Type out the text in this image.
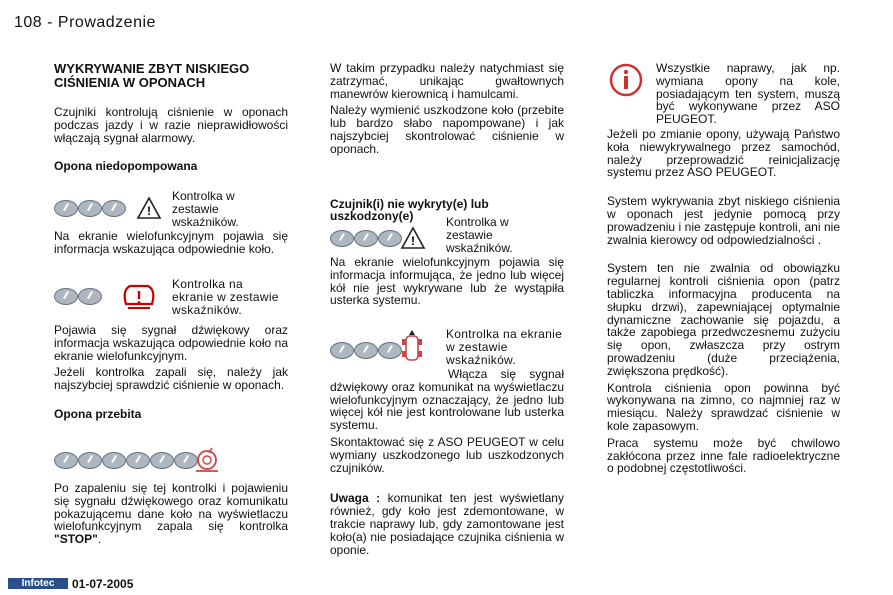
108 - Prowadzenie
WYKRYWANIE ZBYT NISKIEGO CIŚNIENIA W OPONACH

Czujniki kontrolują ciśnienie w oponach podczas jazdy i w razie nieprawidłowości włączają sygnał alarmowy.

Opona niedopompowana
!
Kontrolka w zestawie wskaźników.

Na ekranie wielofunkcyjnym pojawia się informacja wskazująca odpowiednie koło.

Kontrolka na ekranie w zestawie wskaźników.

Pojawia się sygnał dźwiękowy oraz informacja wskazująca odpowiednie koło na ekranie wielofunkcyjnym.

Jeżeli kontrolka zapali się, należy jak najszybciej sprawdzić ciśnienie w oponach.

Opona przebita

Po zapaleniu się tej kontrolki i pojawieniu się sygnału dźwiękowego oraz komunikatu pokazującemu dane koło na wyświetlaczu wielofunkcyjnym zapala się kontrolka "STOP".

W takim przypadku należy natychmiast się zatrzymać, unikając gwałtownych manewrów kierownicą i hamulcami.

Należy wymienić uszkodzone koło (przebite lub bardzo słabo napompowane) i jak najszybciej skontrolować ciśnienie w oponach.

Czujnik(i) nie wykryty(e) lub uszkodzony(e)
!
Kontrolka w zestawie wskaźników.

Na ekranie wielofunkcyjnym pojawia się informacja informująca, że jedno lub więcej kół nie jest wykrywane lub że wystąpiła usterka systemu.

Kontrolka na ekranie w zestawie wskaźników.

Włącza się sygnał dźwiękowy oraz komunikat na wyświetlaczu wielofunkcyjnym oznaczający, że jedno lub więcej kół nie jest kontrolowane lub usterka systemu.

Skontaktować się z ASO PEUGEOT w celu wymiany uszkodzonego lub uszkodzonych czujników.

Uwaga : komunikat ten jest wyświetlany również, gdy koło jest zdemontowane, w trakcie naprawy lub, gdy zamontowane jest koło(a) nie posiadające czujnika ciśnienia w oponie.

Wszystkie naprawy, jak np. wymiana opony na kole, posiadającym ten system, muszą być wykonywane przez ASO PEUGEOT.

Jeżeli po zmianie opony, używają Państwo koła niewykrywalnego przez samochód, należy przeprowadzić reinicjalizację systemu przez ASO PEUGEOT.

System wykrywania zbyt niskiego ciśnienia w oponach jest jedynie pomocą przy prowadzeniu i nie zastępuje kontroli, ani nie zwalnia kierowcy od odpowiedzialności .

System ten nie zwalnia od obowiązku regularnej kontroli ciśnienia opon (patrz tabliczka informacyjna producenta na słupku drzwi), zapewniającej optymalnie dynamiczne zachowanie się pojazdu, a także zapobiega przedwczesnemu zużyciu się opon, zwłaszcza przy ostrym prowadzeniu (duże przeciążenia, zwiększona prędkość).

Kontrola ciśnienia opon powinna być wykonywana na zimno, co najmniej raz w miesiącu. Należy sprawdzać ciśnienie w kole zapasowym.

Praca systemu może być chwilowo zakłócona przez inne fale radioelektryczne o podobnej częstotliwości.

Infotec	01-07-2005
